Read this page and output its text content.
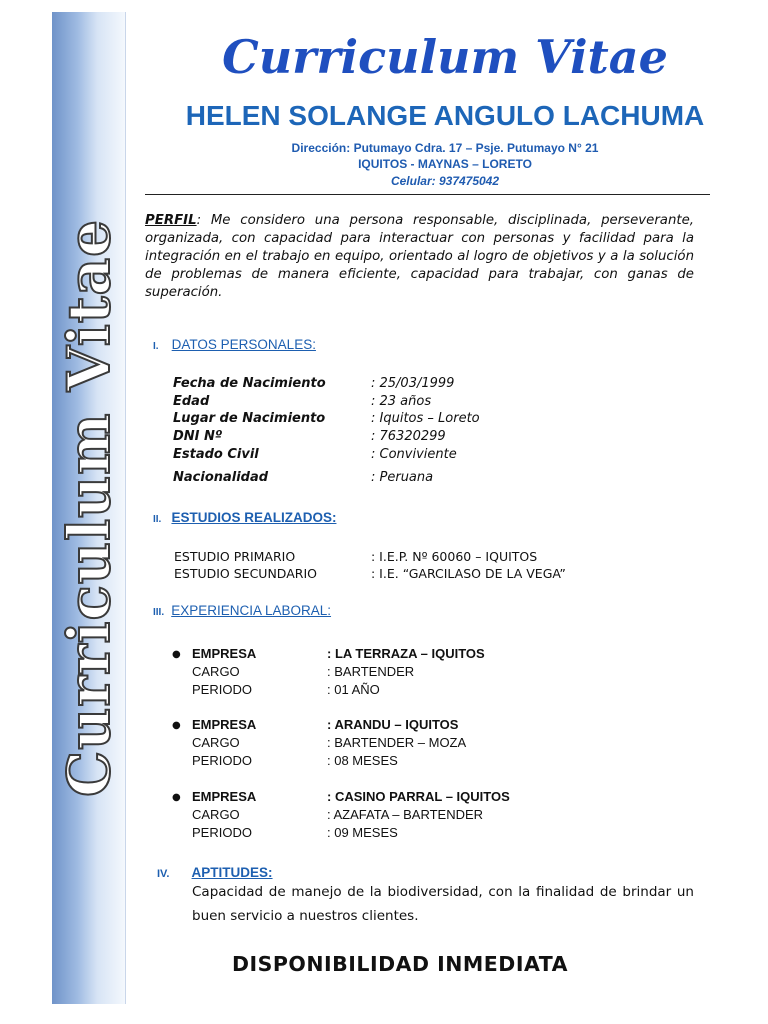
Curriculum Vitae
Curriculum Vitae
HELEN SOLANGE ANGULO LACHUMA
Dirección: Putumayo Cdra. 17 – Psje. Putumayo N° 21
IQUITOS - MAYNAS – LORETO
Celular: 937475042
PERFIL: Me considero una persona responsable, disciplinada, perseverante, organizada, con capacidad para interactuar con personas y facilidad para la integración en el trabajo en equipo, orientado al logro de objetivos y a la solución de problemas de manera eficiente, capacidad para trabajar, con ganas de superación.
I. DATOS PERSONALES:
Fecha de Nacimiento	: 25/03/1999
Edad	: 23 años
Lugar de Nacimiento	: Iquitos – Loreto
DNI Nº	: 76320299
Estado Civil	: Conviviente
Nacionalidad	: Peruana
II. ESTUDIOS REALIZADOS:
ESTUDIO PRIMARIO	: I.E.P. Nº 60060 – IQUITOS
ESTUDIO SECUNDARIO	: I.E. “GARCILASO DE LA VEGA”
III. EXPERIENCIA LABORAL:
● EMPRESA	: LA TERRAZA – IQUITOS
CARGO	: BARTENDER
PERIODO	: 01 AÑO
● EMPRESA	: ARANDU – IQUITOS
CARGO	: BARTENDER – MOZA
PERIODO	: 08 MESES
● EMPRESA	: CASINO PARRAL – IQUITOS
CARGO	: AZAFATA – BARTENDER
PERIODO	: 09 MESES
IV. APTITUDES:
Capacidad de manejo de la biodiversidad, con la finalidad de brindar un buen servicio a nuestros clientes.
DISPONIBILIDAD INMEDIATA
